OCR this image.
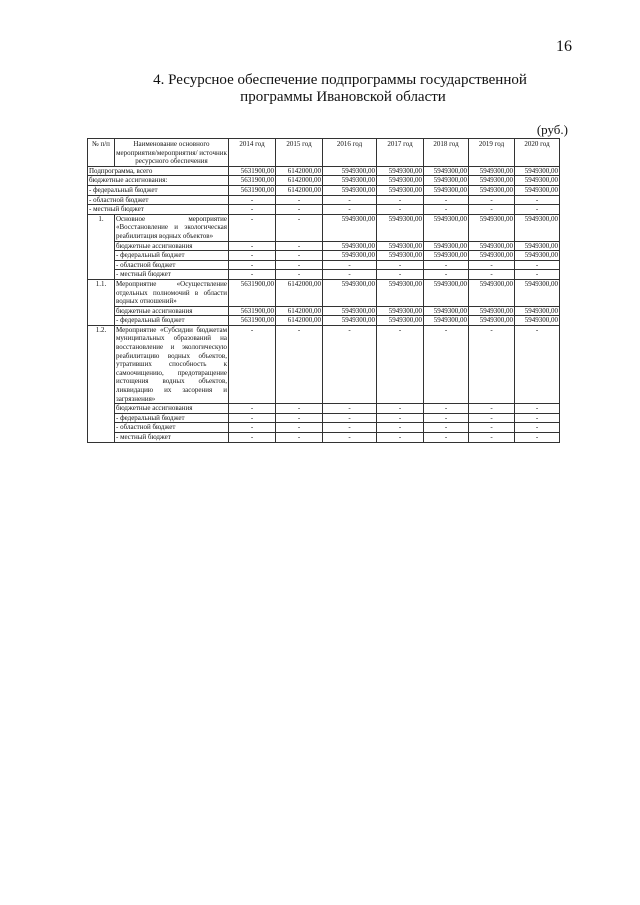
16
4. Ресурсное обеспечение подпрограммы государственной
программы Ивановской области
(руб.)
№ п/п	Наименование основного мероприятия/мероприятия/ источник ресурсного обеспечения	2014 год	2015 год	2016 год	2017 год	2018 год	2019 год	2020 год
Подпрограмма, всего		5631900,00	6142000,00	5949300,00	5949300,00	5949300,00	5949300,00	5949300,00
бюджетные ассигнования:		5631900,00	6142000,00	5949300,00	5949300,00	5949300,00	5949300,00	5949300,00
- федеральный бюджет		5631900,00	6142000,00	5949300,00	5949300,00	5949300,00	5949300,00	5949300,00
- областной бюджет		-	-	-	-	-	-	-
- местный бюджет		-	-	-	-	-	-	-
1.	Основное мероприятие «Восстановление и экологическая реабилитация водных объектов»	-	-	5949300,00	5949300,00	5949300,00	5949300,00	5949300,00
	бюджетные ассигнования	-	-	5949300,00	5949300,00	5949300,00	5949300,00	5949300,00
	- федеральный бюджет	-	-	5949300,00	5949300,00	5949300,00	5949300,00	5949300,00
	- областной бюджет	-	-	-	-	-	-	-
	- местный бюджет	-	-	-	-	-	-	-
1.1.	Мероприятие «Осуществление отдельных полномочий в области водных отношений»	5631900,00	6142000,00	5949300,00	5949300,00	5949300,00	5949300,00	5949300,00
	бюджетные ассигнования	5631900,00	6142000,00	5949300,00	5949300,00	5949300,00	5949300,00	5949300,00
	- федеральный бюджет	5631900,00	6142000,00	5949300,00	5949300,00	5949300,00	5949300,00	5949300,00
1.2.	Мероприятие «Субсидии бюджетам муниципальных образований на восстановление и экологическую реабилитацию водных объектов, утративших способность к самоочищению, предотвращение истощения водных объектов, ликвидацию их засорения и загрязнения»	-	-	-	-	-	-	-
	бюджетные ассигнования	-	-	-	-	-	-	-
	- федеральный бюджет	-	-	-	-	-	-	-
	- областной бюджет	-	-	-	-	-	-	-
	- местный бюджет	-	-	-	-	-	-	-
